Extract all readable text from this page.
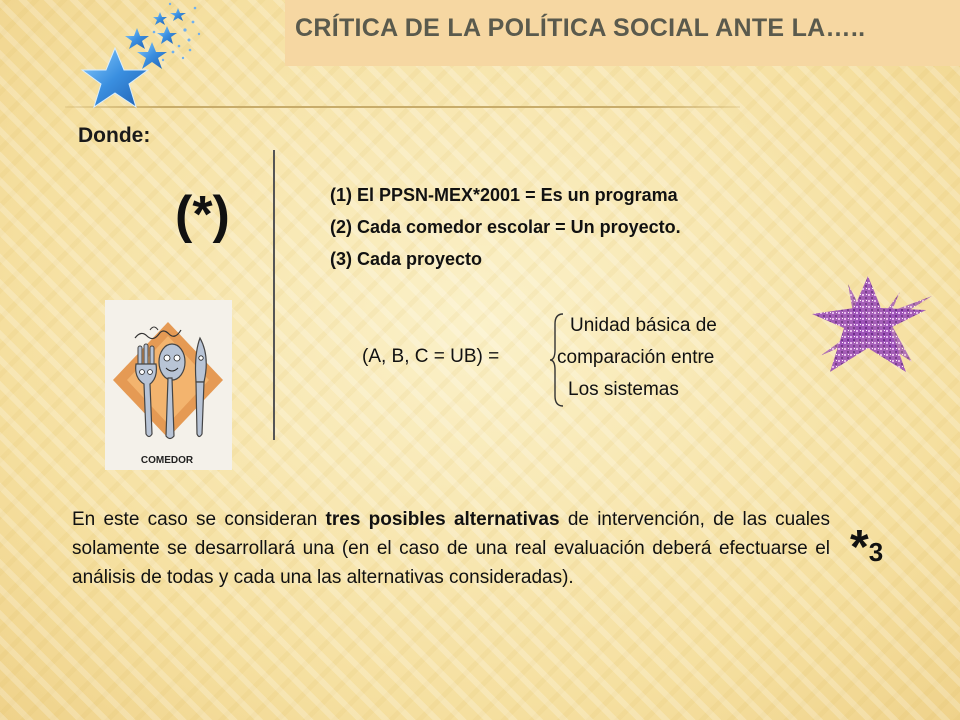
CRÍTICA DE LA POLÍTICA SOCIAL ANTE LA…..
Donde:
(*)
COMEDOR
(1) El PPSN-MEX*2001 = Es un programa
(2) Cada comedor escolar = Un proyecto.
(3) Cada proyecto
(A, B, C = UB) =
Unidad básica de
comparación entre
Los sistemas
En este caso se consideran tres posibles alternativas de intervención, de las cuales solamente se desarrollará una (en el caso de una real evaluación deberá efectuarse el análisis de todas y cada una las alternativas consideradas).
*3
